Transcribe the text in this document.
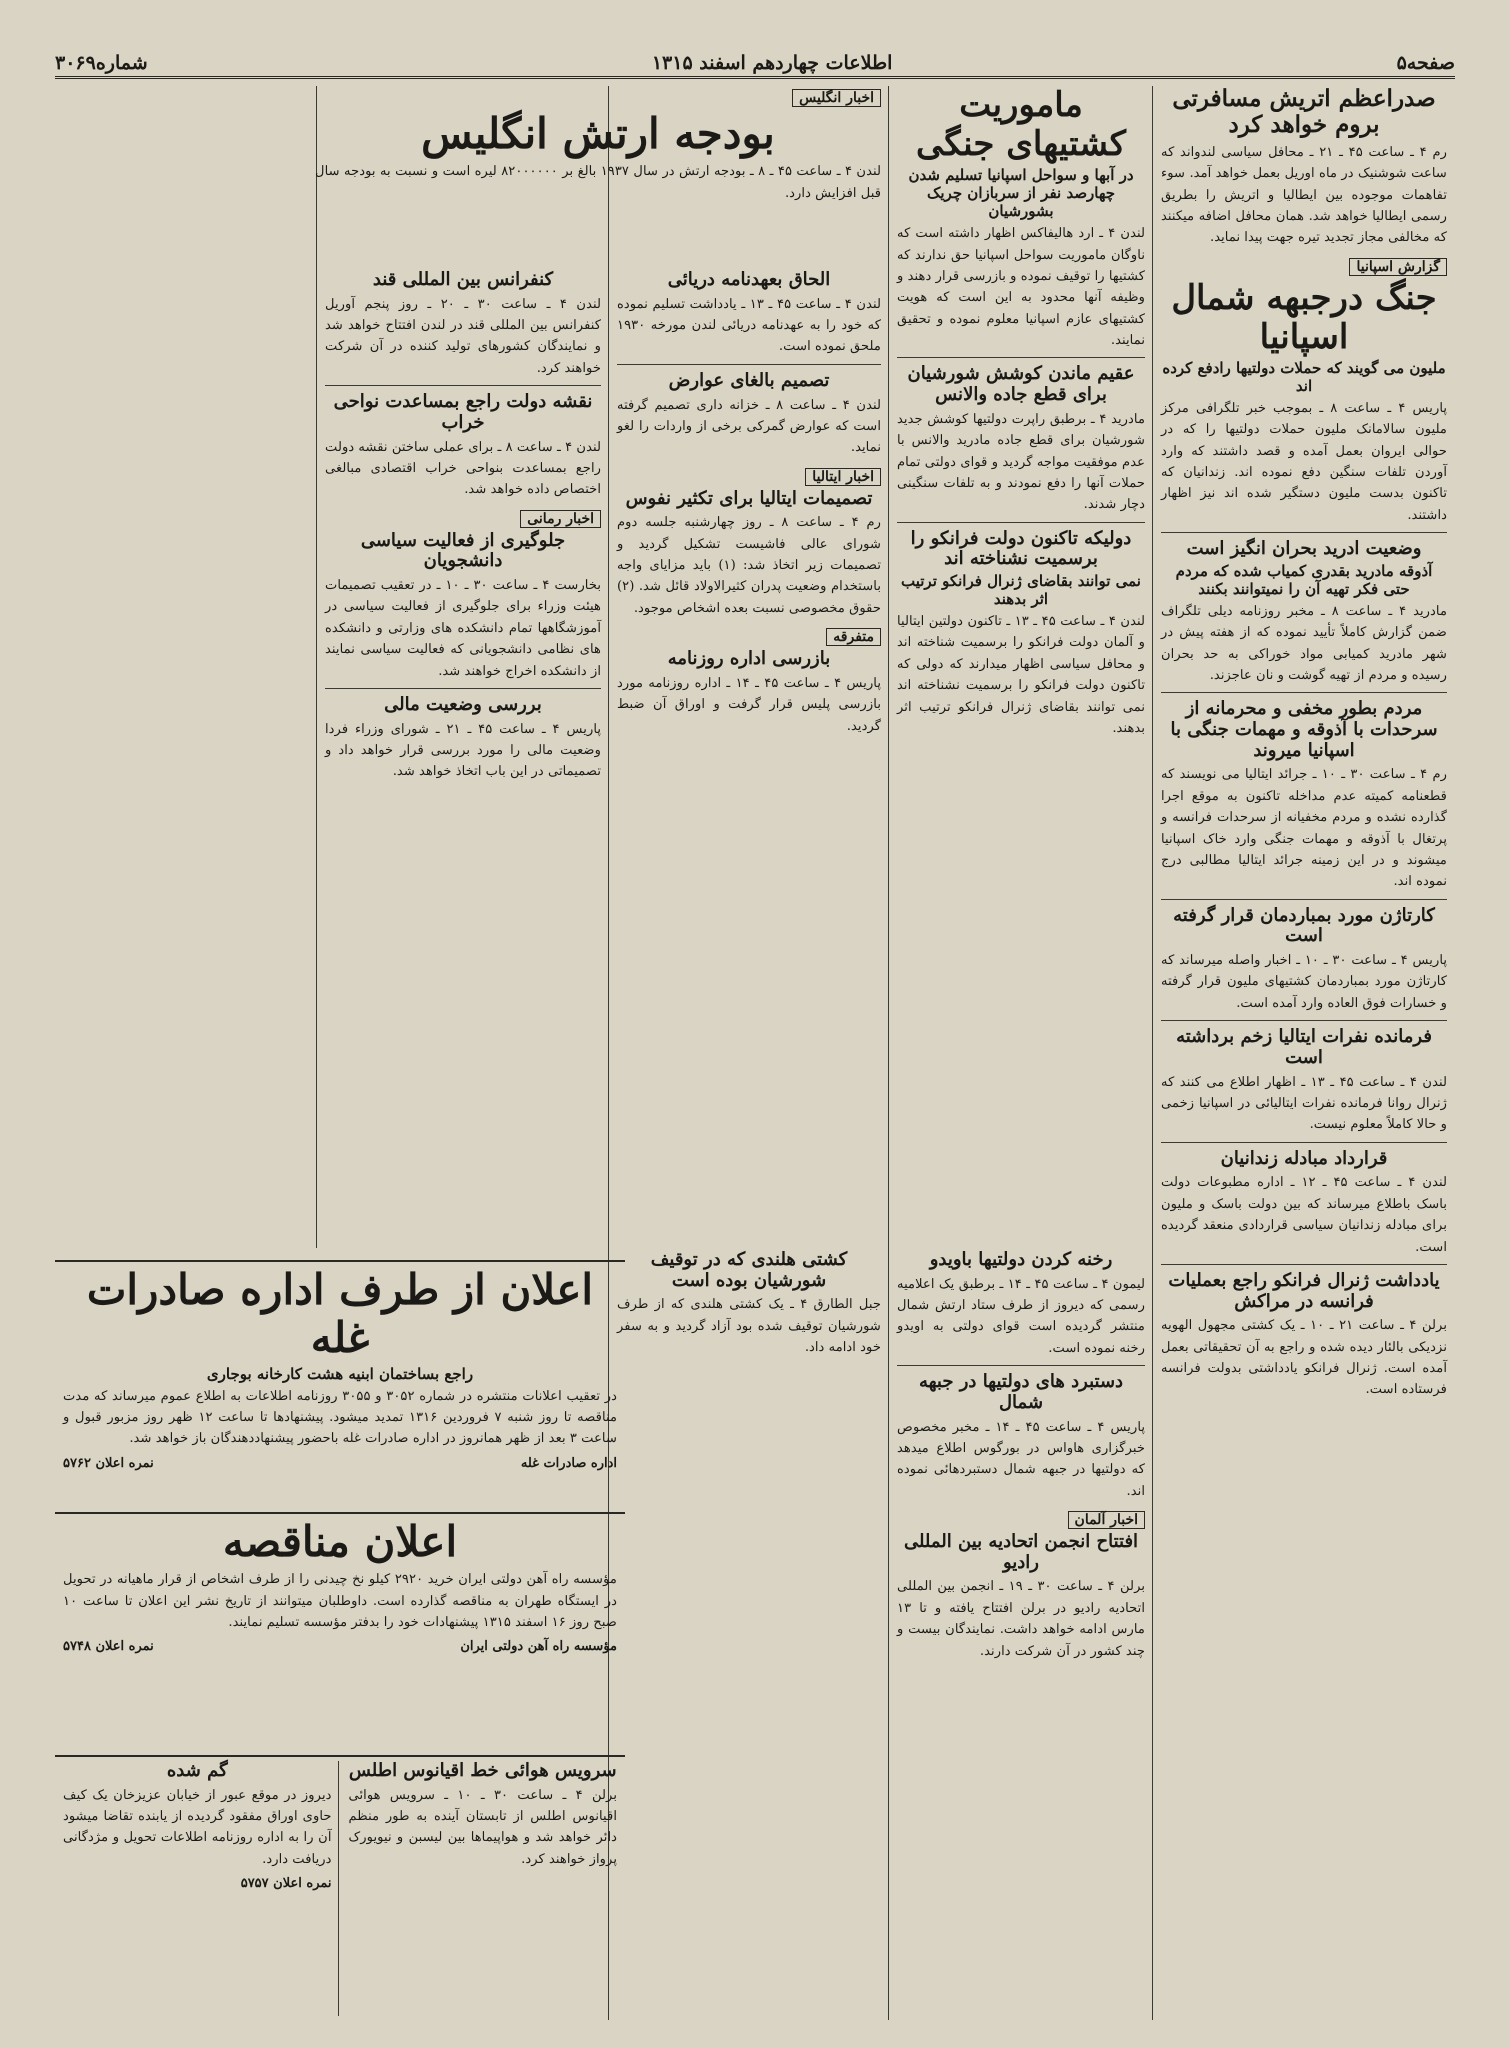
صفحه۵
اطلاعات چهاردهم اسفند ۱۳۱۵
شماره۳۰۶۹
صدراعظم اتریش مسافرتی بروم خواهد کرد

رم ۴ ـ ساعت ۴۵ ـ ۲۱ ـ محافل سیاسی لندواند که ساعت شوشنیک در ماه اوریل بعمل خواهد آمد. سوء تفاهمات موجوده بین ایطالیا و اتریش را بطریق رسمی ایطالیا خواهد شد. همان محافل اضافه میکنند که مخالفی مجاز تجدید تیره جهت پیدا نماید.

گزارش اسپانیا
جنگ درجبهه شمال اسپانیا
ملیون می گویند که حملات دولتیها رادفع کرده اند

پاریس ۴ ـ ساعت ۸ ـ بموجب خبر تلگرافی مرکز ملیون سالامانک ملیون حملات دولتیها را که در حوالی ایروان بعمل آمده و قصد داشتند که وارد آوردن تلفات سنگین دفع نموده اند. زندانیان که تاکنون بدست ملیون دستگیر شده اند نیز اظهار داشتند.

وضعیت ادرید بحران انگیز است
آذوقه مادرید بقدری کمیاب شده که مردم حتی فکر تهیه آن را نمیتوانند بکنند

مادرید ۴ ـ ساعت ۸ ـ مخبر روزنامه دیلی تلگراف ضمن گزارش کاملاً تأیید نموده که از هفته پیش در شهر مادرید کمیابی مواد خوراکی به حد بحران رسیده و مردم از تهیه گوشت و نان عاجزند.

مردم بطور مخفی و محرمانه از سرحدات با آذوقه و مهمات جنگی با اسپانیا میروند

رم ۴ ـ ساعت ۳۰ ـ ۱۰ ـ جرائد ایتالیا می نویسند که قطعنامه کمیته عدم مداخله تاکنون به موقع اجرا گذارده نشده و مردم مخفیانه از سرحدات فرانسه و پرتغال با آذوقه و مهمات جنگی وارد خاک اسپانیا میشوند و در این زمینه جرائد ایتالیا مطالبی درج نموده اند.

کارتاژن مورد بمباردمان قرار گرفته است

پاریس ۴ ـ ساعت ۳۰ ـ ۱۰ ـ اخبار واصله میرساند که کارتاژن مورد بمباردمان کشتیهای ملیون قرار گرفته و خسارات فوق العاده وارد آمده است.

فرمانده نفرات ایتالیا زخم برداشته است

لندن ۴ ـ ساعت ۴۵ ـ ۱۳ ـ اظهار اطلاع می کنند که ژنرال روانا فرمانده نفرات ایتالیائی در اسپانیا زخمی و حالا کاملاً معلوم نیست.

قرارداد مبادله زندانیان

لندن ۴ ـ ساعت ۴۵ ـ ۱۲ ـ اداره مطبوعات دولت باسک باطلاع میرساند که بین دولت باسک و ملیون برای مبادله زندانیان سیاسی قراردادی منعقد گردیده است.

یادداشت ژنرال فرانکو راجع بعملیات فرانسه در مراکش

برلن ۴ ـ ساعت ۲۱ ـ ۱۰ ـ یک کشتی مجهول الهویه نزدیکی بالئار دیده شده و راجع به آن تحقیقاتی بعمل آمده است. ژنرال فرانکو یادداشتی بدولت فرانسه فرستاده است.

ماموریت کشتیهای جنگی
در آبها و سواحل اسپانیا تسلیم شدن چهارصد نفر از سربازان چریک بشورشیان

لندن ۴ ـ ارد هالیفاکس اظهار داشته است که ناوگان ماموریت سواحل اسپانیا حق ندارند که کشتیها را توقیف نموده و بازرسی قرار دهند و وظیفه آنها محدود به این است که هویت کشتیهای عازم اسپانیا معلوم نموده و تحقیق نمایند.

عقیم ماندن کوشش شورشیان برای قطع جاده والانس

مادرید ۴ ـ برطبق راپرت دولتیها کوشش جدید شورشیان برای قطع جاده مادرید والانس با عدم موفقیت مواجه گردید و قوای دولتی تمام حملات آنها را دفع نمودند و به تلفات سنگینی دچار شدند.

دولیکه تاکنون دولت فرانکو را برسمیت نشناخته اند
نمی توانند بقاضای ژنرال فرانکو ترتیب اثر بدهند

لندن ۴ ـ ساعت ۴۵ ـ ۱۳ ـ تاکنون دولتین ایتالیا و آلمان دولت فرانکو را برسمیت شناخته اند و محافل سیاسی اظهار میدارند که دولی که تاکنون دولت فرانکو را برسمیت نشناخته اند نمی توانند بقاضای ژنرال فرانکو ترتیب اثر بدهند.

رخنه کردن دولتیها باویدو

لیمون ۴ ـ ساعت ۴۵ ـ ۱۴ ـ برطبق یک اعلامیه رسمی که دیروز از طرف ستاد ارتش شمال منتشر گردیده است قوای دولتی به اویدو رخنه نموده است.

دستبرد های دولتیها در جبهه شمال

پاریس ۴ ـ ساعت ۴۵ ـ ۱۴ ـ مخبر مخصوص خبرگزاری هاواس در بورگوس اطلاع میدهد که دولتیها در جبهه شمال دستبردهائی نموده اند.

اخبار آلمان
افتتاح انجمن اتحادیه بین المللی رادیو

برلن ۴ ـ ساعت ۳۰ ـ ۱۹ ـ انجمن بین المللی اتحادیه رادیو در برلن افتتاح یافته و تا ۱۳ مارس ادامه خواهد داشت. نمایندگان بیست و چند کشور در آن شرکت دارند.

اخبار انگلیس
بودجه ارتش انگلیس

لندن ۴ ـ ساعت ۴۵ ـ ۸ ـ بودجه ارتش در سال ۱۹۳۷ بالغ بر ۸۲۰۰۰۰۰۰ لیره است و نسبت به بودجه سال قبل افزایش دارد.

الحاق بعهدنامه دریائی

لندن ۴ ـ ساعت ۴۵ ـ ۱۳ ـ یادداشت تسلیم نموده که خود را به عهدنامه دریائی لندن مورخه ۱۹۳۰ ملحق نموده است.

تصمیم بالغای عوارض

لندن ۴ ـ ساعت ۸ ـ خزانه داری تصمیم گرفته است که عوارض گمرکی برخی از واردات را لغو نماید.

اخبار ایتالیا
تصمیمات ایتالیا برای تکثیر نفوس

رم ۴ ـ ساعت ۸ ـ روز چهارشنبه جلسه دوم شورای عالی فاشیست تشکیل گردید و تصمیمات زیر اتخاذ شد: (۱) باید مزایای واجه باستخدام وضعیت پدران کثیرالاولاد قائل شد. (۲) حقوق مخصوصی نسبت بعده اشخاص موجود.

متفرقه
بازرسی اداره روزنامه

پاریس ۴ ـ ساعت ۴۵ ـ ۱۴ ـ اداره روزنامه مورد بازرسی پلیس قرار گرفت و اوراق آن ضبط گردید.

کنفرانس بین المللی قند

لندن ۴ ـ ساعت ۳۰ ـ ۲۰ ـ روز پنجم آوریل کنفرانس بین المللی قند در لندن افتتاح خواهد شد و نمایندگان کشورهای تولید کننده در آن شرکت خواهند کرد.

نقشه دولت راجع بمساعدت نواحی خراب

لندن ۴ ـ ساعت ۸ ـ برای عملی ساختن نقشه دولت راجع بمساعدت بنواحی خراب اقتصادی مبالغی اختصاص داده خواهد شد.

اخبار رمانی
جلوگیری از فعالیت سیاسی دانشجویان

بخارست ۴ ـ ساعت ۳۰ ـ ۱۰ ـ در تعقیب تصمیمات هیئت وزراء برای جلوگیری از فعالیت سیاسی در آموزشگاهها تمام دانشکده های وزارتی و دانشکده های نظامی دانشجویانی که فعالیت سیاسی نمایند از دانشکده اخراج خواهند شد.

بررسی وضعیت مالی

پاریس ۴ ـ ساعت ۴۵ ـ ۲۱ ـ شورای وزراء فردا وضعیت مالی را مورد بررسی قرار خواهد داد و تصمیماتی در این باب اتخاذ خواهد شد.

کشتی هلندی که در توقیف شورشیان بوده است

جبل الطارق ۴ ـ یک کشتی هلندی که از طرف شورشیان توقیف شده بود آزاد گردید و به سفر خود ادامه داد.

اعلان از طرف اداره صادرات غله
راجع بساختمان ابنیه هشت کارخانه بوجاری

در تعقیب اعلانات منتشره در شماره ۳۰۵۲ و ۳۰۵۵ روزنامه اطلاعات به اطلاع عموم میرساند که مدت مناقصه تا روز شنبه ۷ فروردین ۱۳۱۶ تمدید میشود. پیشنهادها تا ساعت ۱۲ ظهر روز مزبور قبول و ساعت ۳ بعد از ظهر همانروز در اداره صادرات غله باحضور پیشنهاددهندگان باز خواهد شد.

اداره صادرات غله
نمره اعلان ۵۷۶۲
اعلان مناقصه

مؤسسه راه آهن دولتی ایران خرید ۲۹۲۰ کیلو نخ چیدنی را از طرف اشخاص از قرار ماهیانه در تحویل در ایستگاه طهران به مناقصه گذارده است. داوطلبان میتوانند از تاریخ نشر این اعلان تا ساعت ۱۰ صبح روز ۱۶ اسفند ۱۳۱۵ پیشنهادات خود را بدفتر مؤسسه تسلیم نمایند.

مؤسسه راه آهن دولتی ایران
نمره اعلان ۵۷۴۸
سرویس هوائی خط اقیانوس اطلس

برلن ۴ ـ ساعت ۳۰ ـ ۱۰ ـ سرویس هوائی اقیانوس اطلس از تابستان آینده به طور منظم دائر خواهد شد و هواپیماها بین لیسبن و نیویورک پرواز خواهند کرد.

گم شده

دیروز در موقع عبور از خیابان عزیزخان یک کیف حاوی اوراق مفقود گردیده از یابنده تقاضا میشود آن را به اداره روزنامه اطلاعات تحویل و مژدگانی دریافت دارد.

نمره اعلان ۵۷۵۷
